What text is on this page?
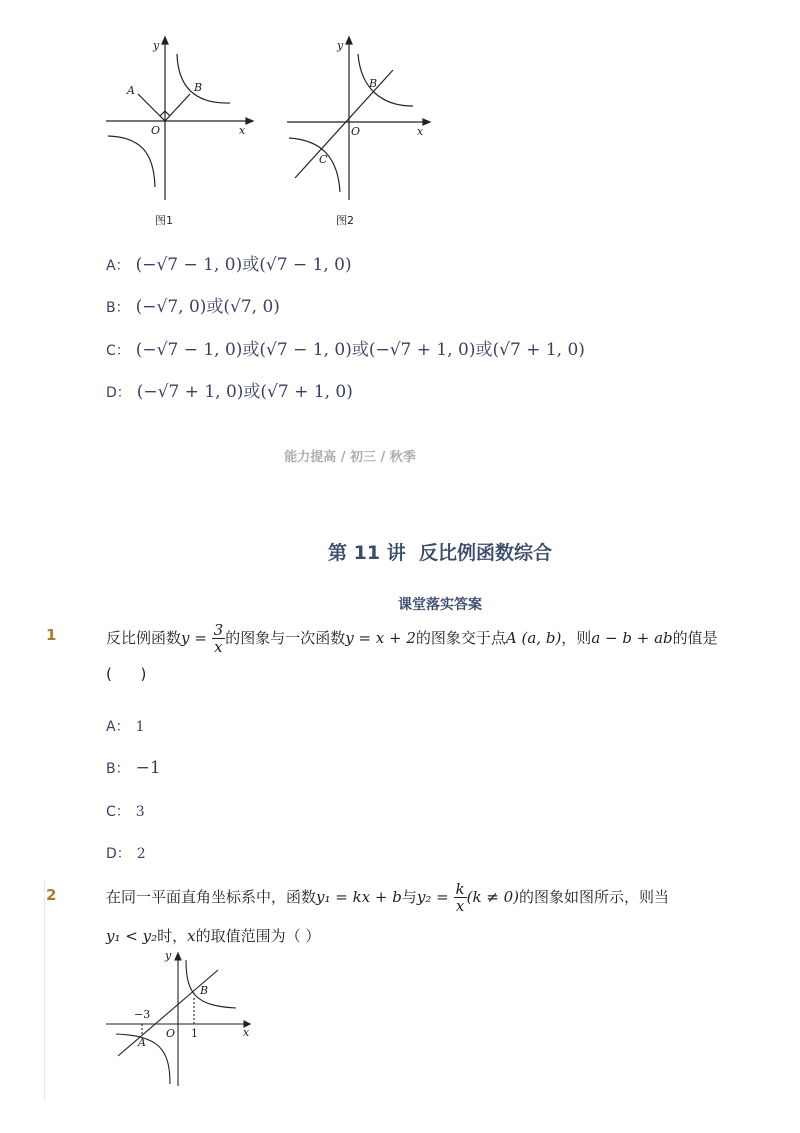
y
x
O
A	B
图1
y
x
O
B
C
图2
A： (−√7 − 1, 0)或(√7 − 1, 0)
B： (−√7, 0)或(√7, 0)
C： (−√7 − 1, 0)或(√7 − 1, 0)或(−√7 + 1, 0)或(√7 + 1, 0)
D： (−√7 + 1, 0)或(√7 + 1, 0)
能力提高 / 初三 / 秋季
第 11 讲  反比例函数综合
课堂落实答案
1	反比例函数$y = \frac{3}{x}$ 的图象与一次函数y = x + 2的图象交于点A (a, b)，则a − b + ab的值是
(      )
A： 1
B： −1
C： 3
D： 2
2	在同一平面直角坐标系中，函数y₁ = kx + b与$y_2 = \frac{k}{x} (k \ne 0)$的图象如图所示，则当
y₁ < y₂时，x的取值范围为（ ）
y
x
O
A
B
−3
1
